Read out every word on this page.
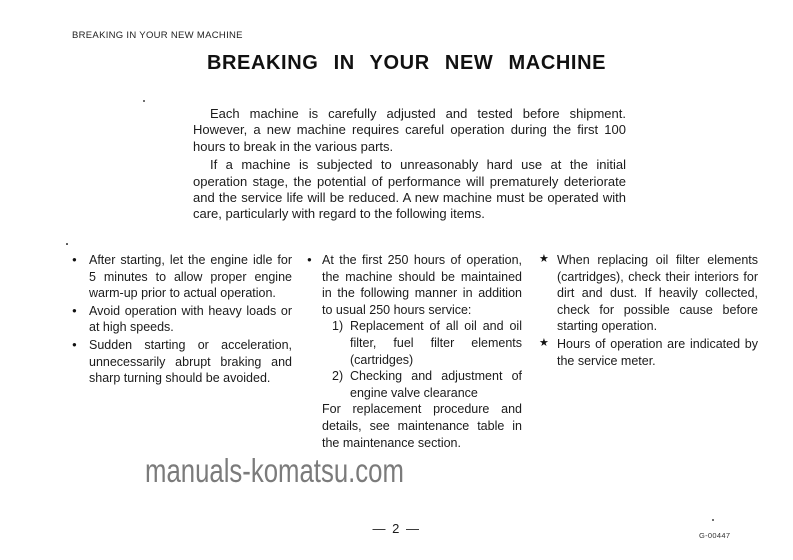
BREAKING IN YOUR NEW MACHINE
BREAKING IN YOUR NEW MACHINE

Each machine is carefully adjusted and tested before shipment. However, a new machine requires careful operation during the first 100 hours to break in the various parts.

If a machine is subjected to unreasonably hard use at the initial operation stage, the potential of performance will prematurely deteriorate and the service life will be reduced. A new machine must be operated with care, particularly with regard to the following items.

● After starting, let the engine idle for 5 minutes to allow proper engine warm-up prior to actual operation.
● Avoid operation with heavy loads or at high speeds.
● Sudden starting or acceleration, unnecessarily abrupt braking and sharp turning should be avoided.
● At the first 250 hours of operation, the machine should be maintained in the following manner in addition to usual 250 hours service:
1) Replacement of all oil and oil filter, fuel filter elements (cartridges)
2) Checking and adjustment of engine valve clearance

For replacement procedure and details, see maintenance table in the maintenance section.

★ When replacing oil filter elements (cartridges), check their interiors for dirt and dust. If heavily collected, check for possible cause before starting operation.
★ Hours of operation are indicated by the service meter.
manuals-komatsu.com
— 2 —	G-00447
